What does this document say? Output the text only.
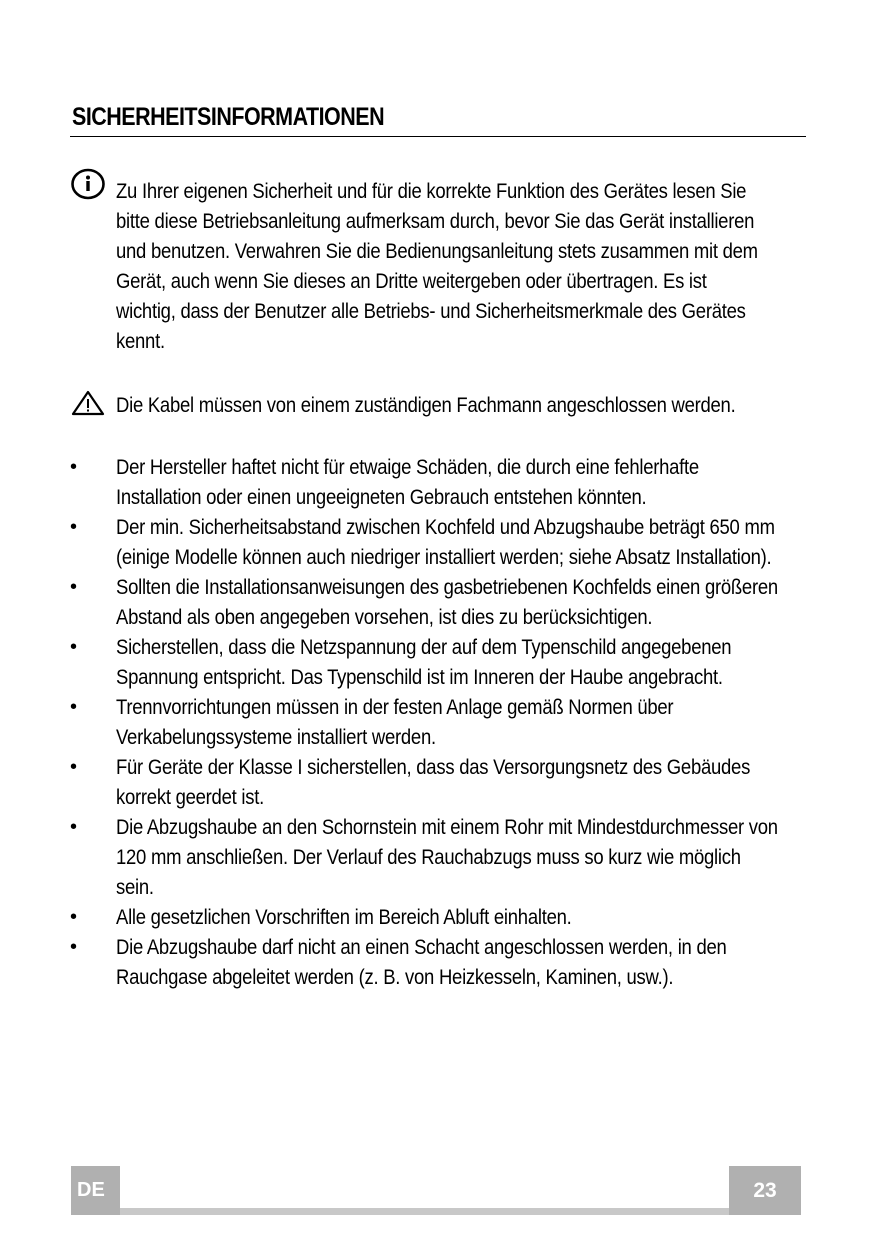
SICHERHEITSINFORMATIONEN

Zu Ihrer eigenen Sicherheit und für die korrekte Funktion des Gerätes lesen Sie bitte diese Betriebsanleitung aufmerksam durch, bevor Sie das Gerät installieren und benutzen. Verwahren Sie die Bedienungsanleitung stets zusammen mit dem Gerät, auch wenn Sie dieses an Dritte weitergeben oder übertragen. Es ist wichtig, dass der Benutzer alle Betriebs- und Sicherheitsmerkmale des Gerätes kennt.

Die Kabel müssen von einem zuständigen Fachmann angeschlossen werden.

• Der Hersteller haftet nicht für etwaige Schäden, die durch eine fehlerhafte Installation oder einen ungeeigneten Gebrauch entstehen könnten.
• Der min. Sicherheitsabstand zwischen Kochfeld und Abzugshaube beträgt 650 mm (einige Modelle können auch niedriger installiert werden; siehe Absatz Installation).
• Sollten die Installationsanweisungen des gasbetriebenen Kochfelds einen größeren Abstand als oben angegeben vorsehen, ist dies zu berücksichtigen.
• Sicherstellen, dass die Netzspannung der auf dem Typenschild angegebenen Spannung entspricht. Das Typenschild ist im Inneren der Haube angebracht.
• Trennvorrichtungen müssen in der festen Anlage gemäß Normen über Verkabelungssysteme installiert werden.
• Für Geräte der Klasse I sicherstellen, dass das Versorgungsnetz des Gebäudes korrekt geerdet ist.
• Die Abzugshaube an den Schornstein mit einem Rohr mit Mindestdurchmesser von 120 mm anschließen. Der Verlauf des Rauchabzugs muss so kurz wie möglich sein.
• Alle gesetzlichen Vorschriften im Bereich Abluft einhalten.
• Die Abzugshaube darf nicht an einen Schacht angeschlossen werden, in den Rauchgase abgeleitet werden (z. B. von Heizkesseln, Kaminen, usw.).
DE	23
